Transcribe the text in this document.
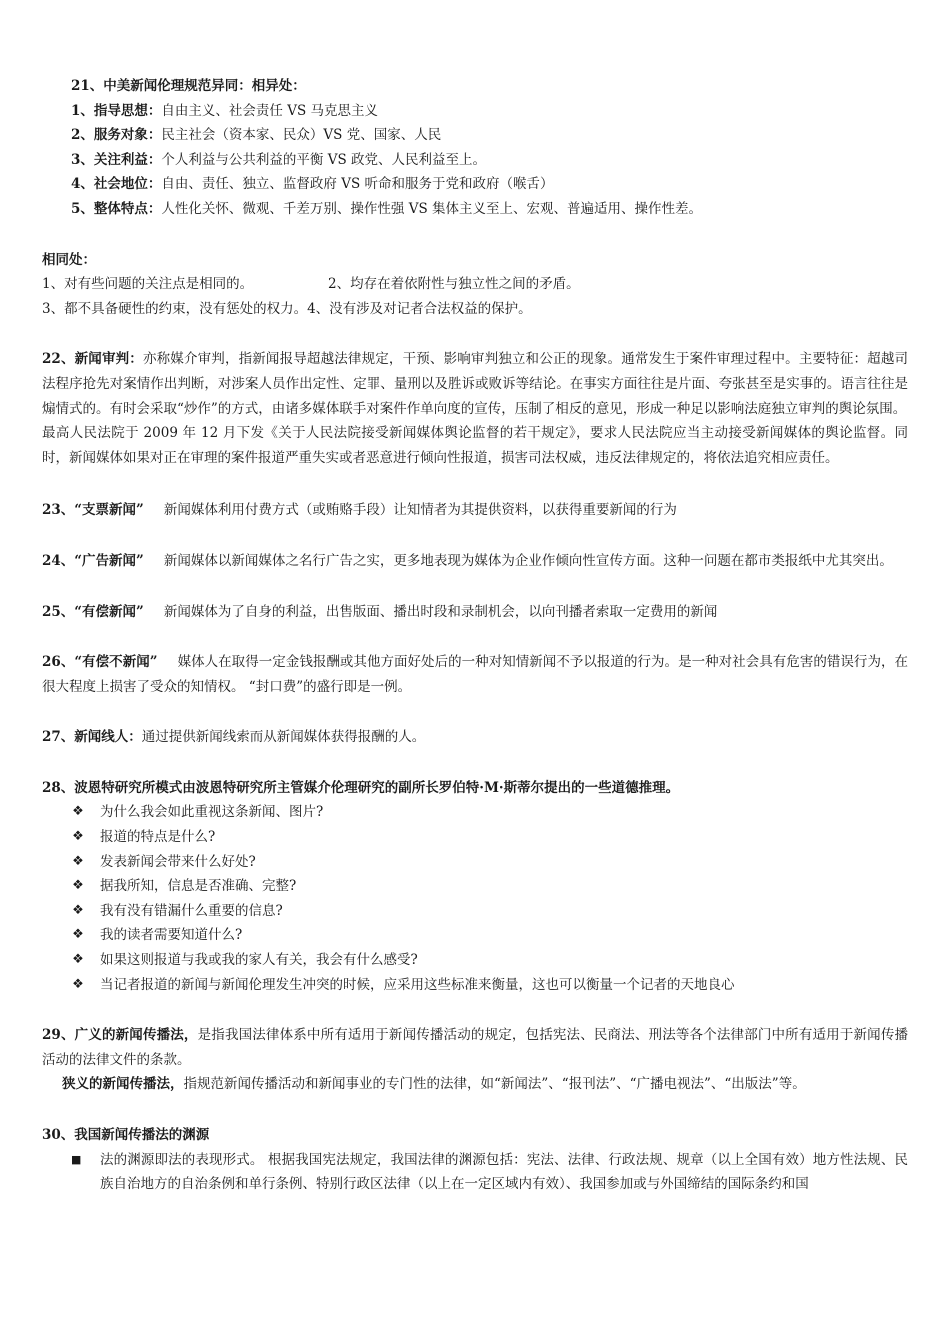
21、中美新闻伦理规范异同：相异处：
1、指导思想：自由主义、社会责任 VS 马克思主义
2、服务对象：民主社会（资本家、民众）VS 党、国家、人民
3、关注利益：个人利益与公共利益的平衡 VS 政党、人民利益至上。
4、社会地位：自由、责任、独立、监督政府 VS 听命和服务于党和政府（喉舌）
5、整体特点：人性化关怀、微观、千差万别、操作性强 VS 集体主义至上、宏观、普遍适用、操作性差。
相同处：
1、对有些问题的关注点是相同的。	2、均存在着依附性与独立性之间的矛盾。
3、都不具备硬性的约束，没有惩处的权力。4、没有涉及对记者合法权益的保护。
22、新闻审判：亦称媒介审判，指新闻报导超越法律规定，干预、影响审判独立和公正的现象。通常发生于案件审理过程中。主要特征：超越司法程序抢先对案情作出判断，对涉案人员作出定性、定罪、量刑以及胜诉或败诉等结论。在事实方面往往是片面、夸张甚至是实事的。语言往往是煽情式的。有时会采取“炒作”的方式，由诸多媒体联手对案件作单向度的宣传，压制了相反的意见，形成一种足以影响法庭独立审判的舆论氛围。
最高人民法院于 2009 年 12 月下发《关于人民法院接受新闻媒体舆论监督的若干规定》，要求人民法院应当主动接受新闻媒体的舆论监督。同时，新闻媒体如果对正在审理的案件报道严重失实或者恶意进行倾向性报道，损害司法权威，违反法律规定的，将依法追究相应责任。
23、“支票新闻” 新闻媒体利用付费方式（或贿赂手段）让知情者为其提供资料，以获得重要新闻的行为
24、“广告新闻” 新闻媒体以新闻媒体之名行广告之实，更多地表现为媒体为企业作倾向性宣传方面。这种一问题在都市类报纸中尤其突出。
25、“有偿新闻” 新闻媒体为了自身的利益，出售版面、播出时段和录制机会，以向刊播者索取一定费用的新闻
26、“有偿不新闻” 媒体人在取得一定金钱报酬或其他方面好处后的一种对知情新闻不予以报道的行为。是一种对社会具有危害的错误行为，在很大程度上损害了受众的知情权。 “封口费”的盛行即是一例。
27、新闻线人：通过提供新闻线索而从新闻媒体获得报酬的人。
28、波恩特研究所模式由波恩特研究所主管媒介伦理研究的副所长罗伯特·M·斯蒂尔提出的一些道德推理。
❖ 为什么我会如此重视这条新闻、图片?
❖ 报道的特点是什么?
❖ 发表新闻会带来什么好处?
❖ 据我所知，信息是否准确、完整?
❖ 我有没有错漏什么重要的信息?
❖ 我的读者需要知道什么?
❖ 如果这则报道与我或我的家人有关，我会有什么感受?
❖ 当记者报道的新闻与新闻伦理发生冲突的时候，应采用这些标准来衡量，这也可以衡量一个记者的天地良心
29、广义的新闻传播法，是指我国法律体系中所有适用于新闻传播活动的规定，包括宪法、民商法、刑法等各个法律部门中所有适用于新闻传播活动的法律文件的条款。
狭义的新闻传播法，指规范新闻传播活动和新闻事业的专门性的法律，如“新闻法”、“报刊法”、“广播电视法”、“出版法”等。
30、我国新闻传播法的渊源
■ 法的渊源即法的表现形式。 根据我国宪法规定，我国法律的渊源包括：宪法、法律、行政法规、规章（以上全国有效）地方性法规、民族自治地方的自治条例和单行条例、特别行政区法律（以上在一定区域内有效）、我国参加或与外国缔结的国际条约和国
